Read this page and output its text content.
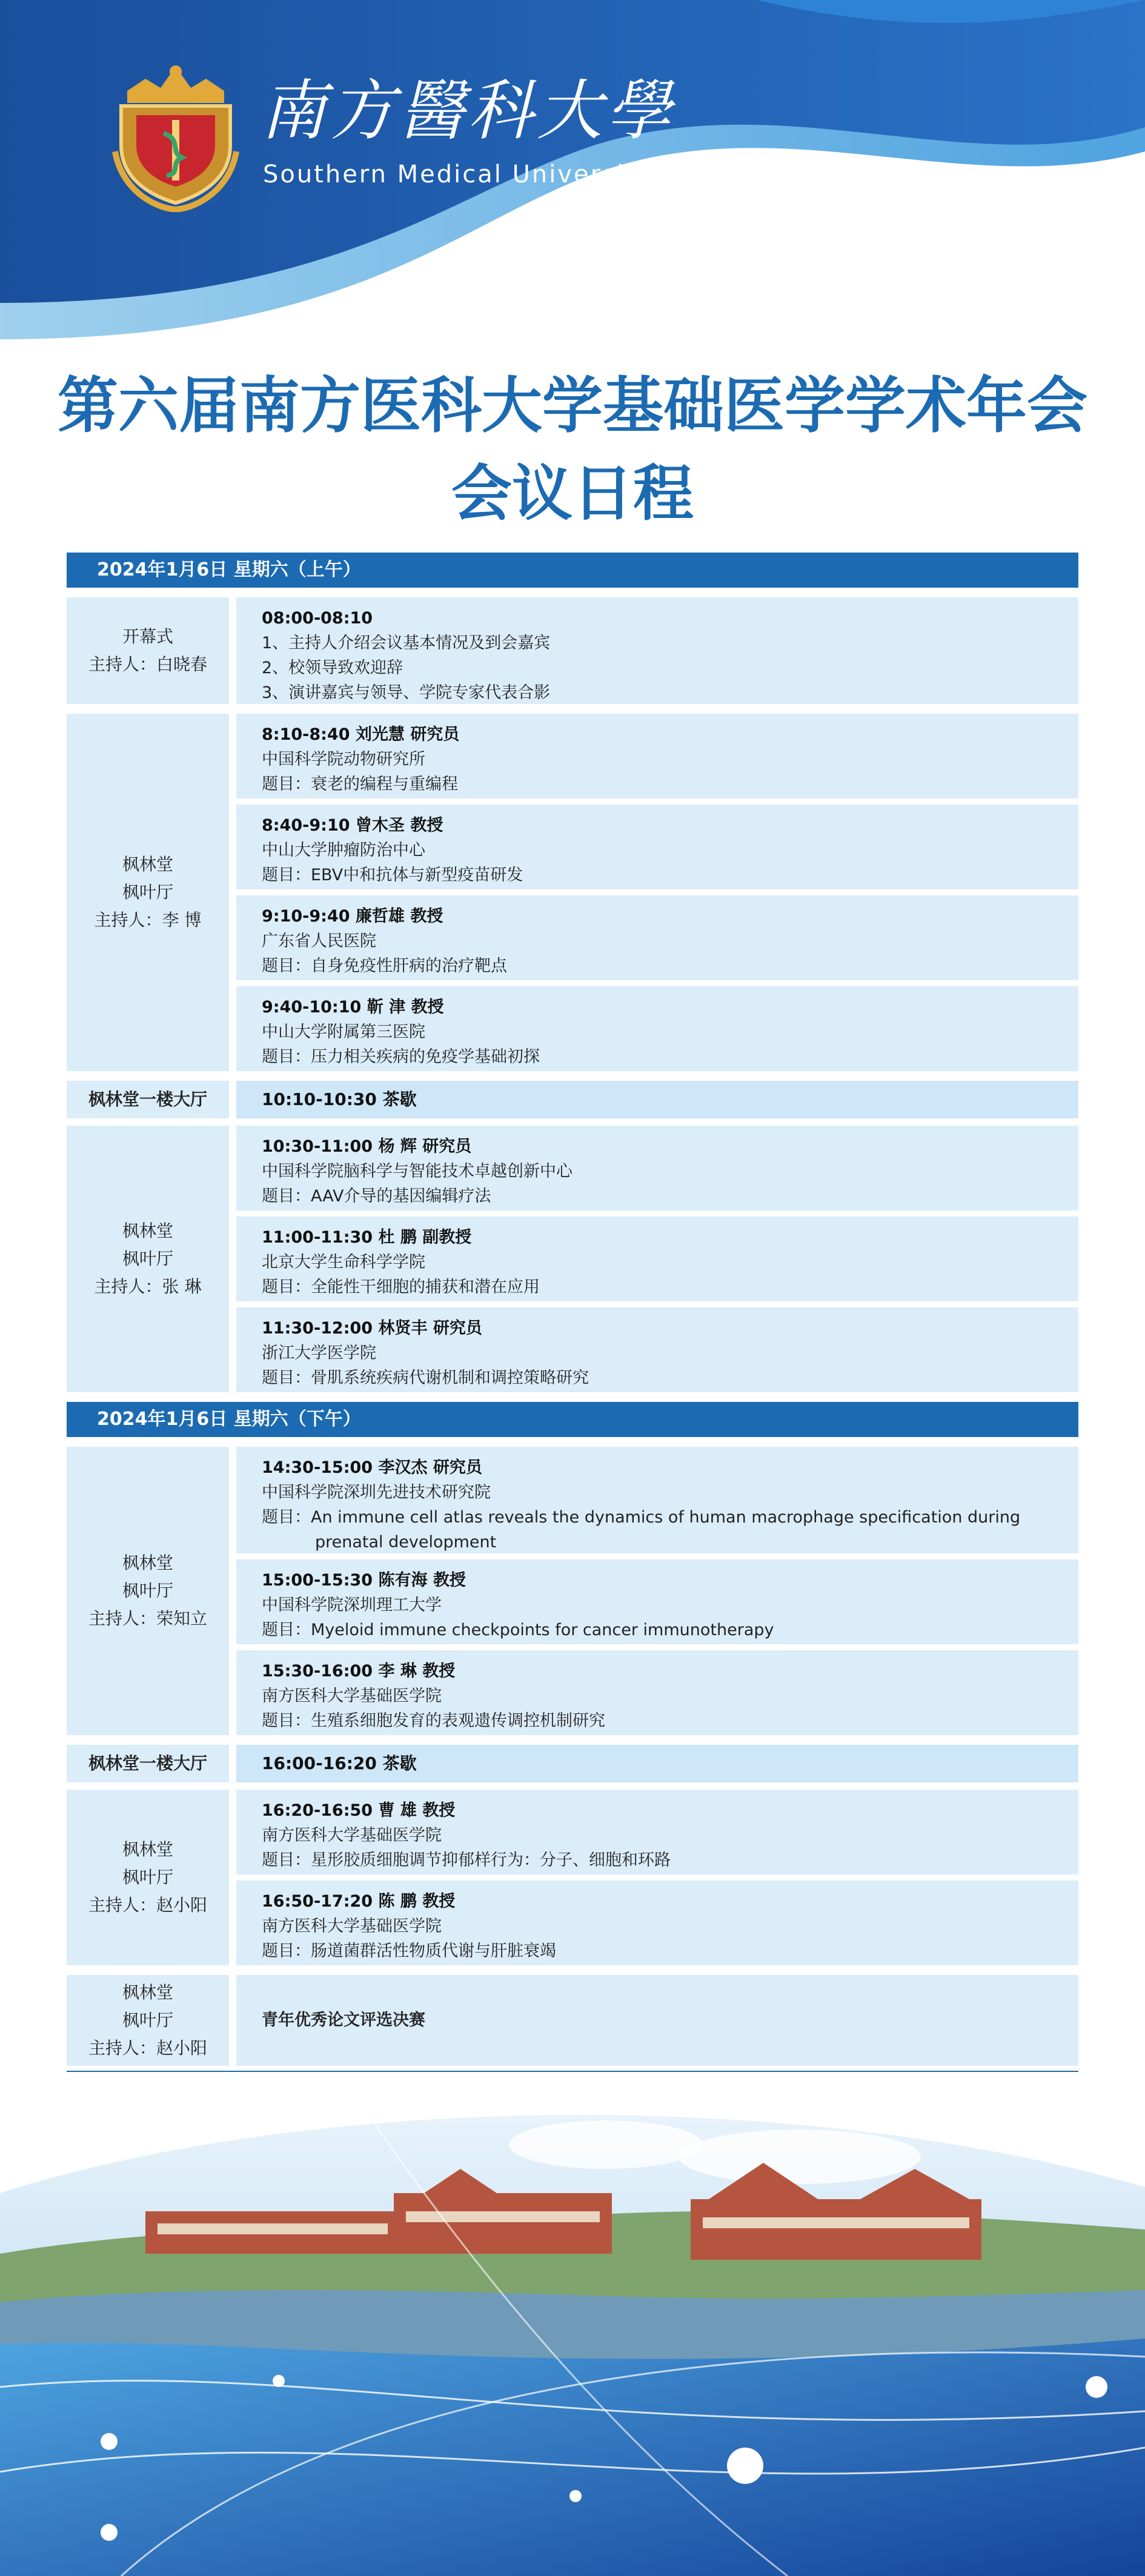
南方醫科大學
Southern Medical University
第六届南方医科大学基础医学学术年会
会议日程
2024年1月6日 星期六（上午）
开幕式
主持人：白晓春
08:00-08:10
1、主持人介绍会议基本情况及到会嘉宾
2、校领导致欢迎辞
3、演讲嘉宾与领导、学院专家代表合影
枫林堂
枫叶厅
主持人：李 博
8:10-8:40 刘光慧 研究员
中国科学院动物研究所
题目：衰老的编程与重编程
8:40-9:10 曾木圣 教授
中山大学肿瘤防治中心
题目：EBV中和抗体与新型疫苗研发
9:10-9:40 廉哲雄 教授
广东省人民医院
题目：自身免疫性肝病的治疗靶点
9:40-10:10 靳 津 教授
中山大学附属第三医院
题目：压力相关疾病的免疫学基础初探
枫林堂一楼大厅	10:10-10:30 茶歇
枫林堂
枫叶厅
主持人：张 琳
10:30-11:00 杨 辉 研究员
中国科学院脑科学与智能技术卓越创新中心
题目：AAV介导的基因编辑疗法
11:00-11:30 杜 鹏 副教授
北京大学生命科学学院
题目：全能性干细胞的捕获和潜在应用
11:30-12:00 林贤丰 研究员
浙江大学医学院
题目：骨肌系统疾病代谢机制和调控策略研究
2024年1月6日 星期六（下午）
枫林堂
枫叶厅
主持人：荣知立
14:30-15:00 李汉杰 研究员
中国科学院深圳先进技术研究院
题目：An immune cell atlas reveals the dynamics of human macrophage specification during prenatal development
15:00-15:30 陈有海 教授
中国科学院深圳理工大学
题目：Myeloid immune checkpoints for cancer immunotherapy
15:30-16:00 李 琳 教授
南方医科大学基础医学院
题目：生殖系细胞发育的表观遗传调控机制研究
枫林堂一楼大厅	16:00-16:20 茶歇
枫林堂
枫叶厅
主持人：赵小阳
16:20-16:50 曹 雄 教授
南方医科大学基础医学院
题目：星形胶质细胞调节抑郁样行为：分子、细胞和环路
16:50-17:20 陈 鹏 教授
南方医科大学基础医学院
题目：肠道菌群活性物质代谢与肝脏衰竭
枫林堂
枫叶厅
主持人：赵小阳
青年优秀论文评选决赛
